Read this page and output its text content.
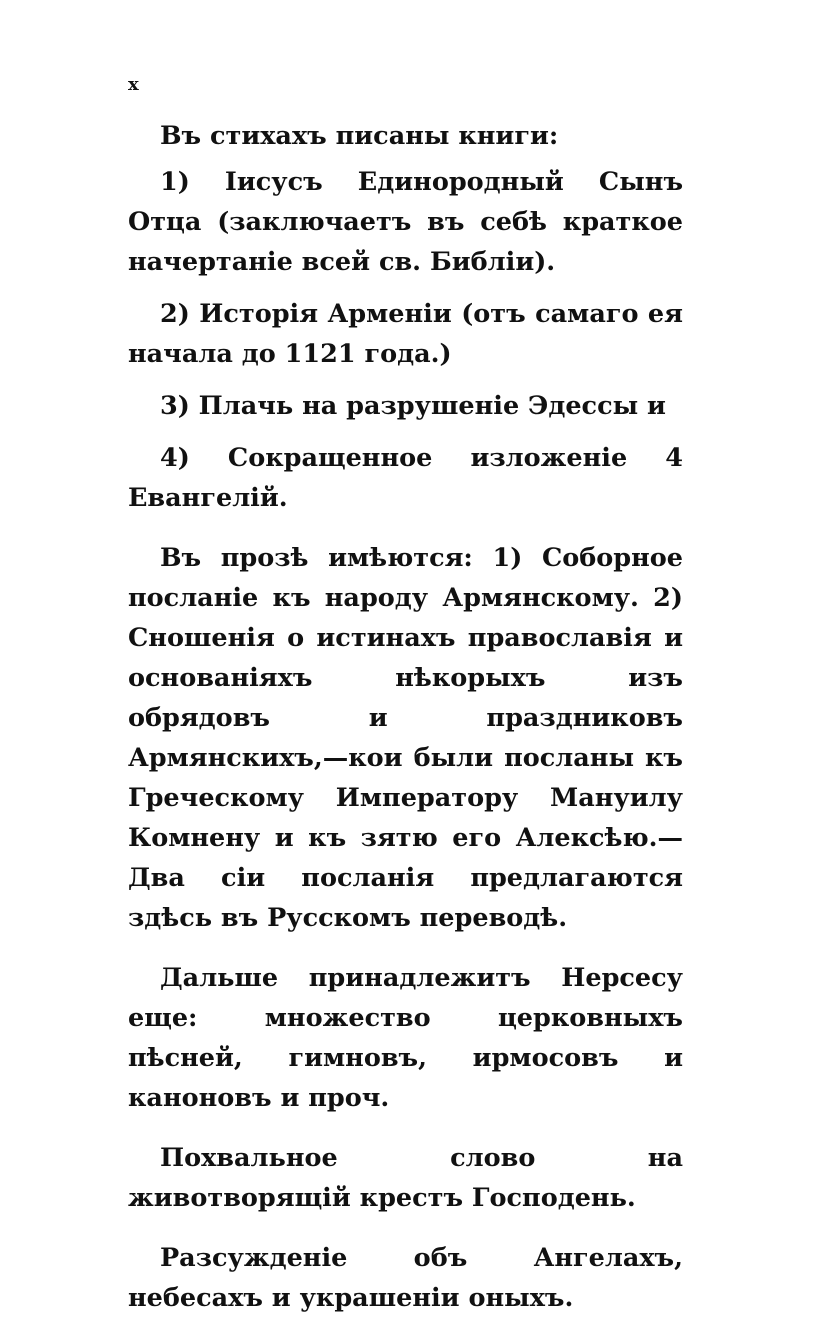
x

Въ стихахъ писаны книги:

1) Iисусъ Единородный Сынъ Отца (заключаетъ въ себѣ краткое начертаніе всей св. Библіи).

2) Исторія Арменіи (отъ самаго ея начала до 1121 года.)

3) Плачь на разрушеніе Эдессы и

4) Сокращенное изложеніе 4 Евангелій.

Въ прозѣ имѣются: 1) Соборное посланіе къ народу Армянскому. 2) Сношенія о истинахъ православія и основаніяхъ нѣкорыхъ изъ обрядовъ и праздниковъ Армянскихъ,—кои были посланы къ Греческому Императору Мануилу Комнену и къ зятю его Алексѣю.—Два сіи посланія предлагаются здѣсь въ Русскомъ переводѣ.

Дальше принадлежитъ Нерсесу еще: множество церковныхъ пѣсней, гимновъ, ирмосовъ и каноновъ и проч.

Похвальное слово на животворящій крестъ Господень.

Разсужденіе объ Ангелахъ, небесахъ и украшеніи оныхъ.
